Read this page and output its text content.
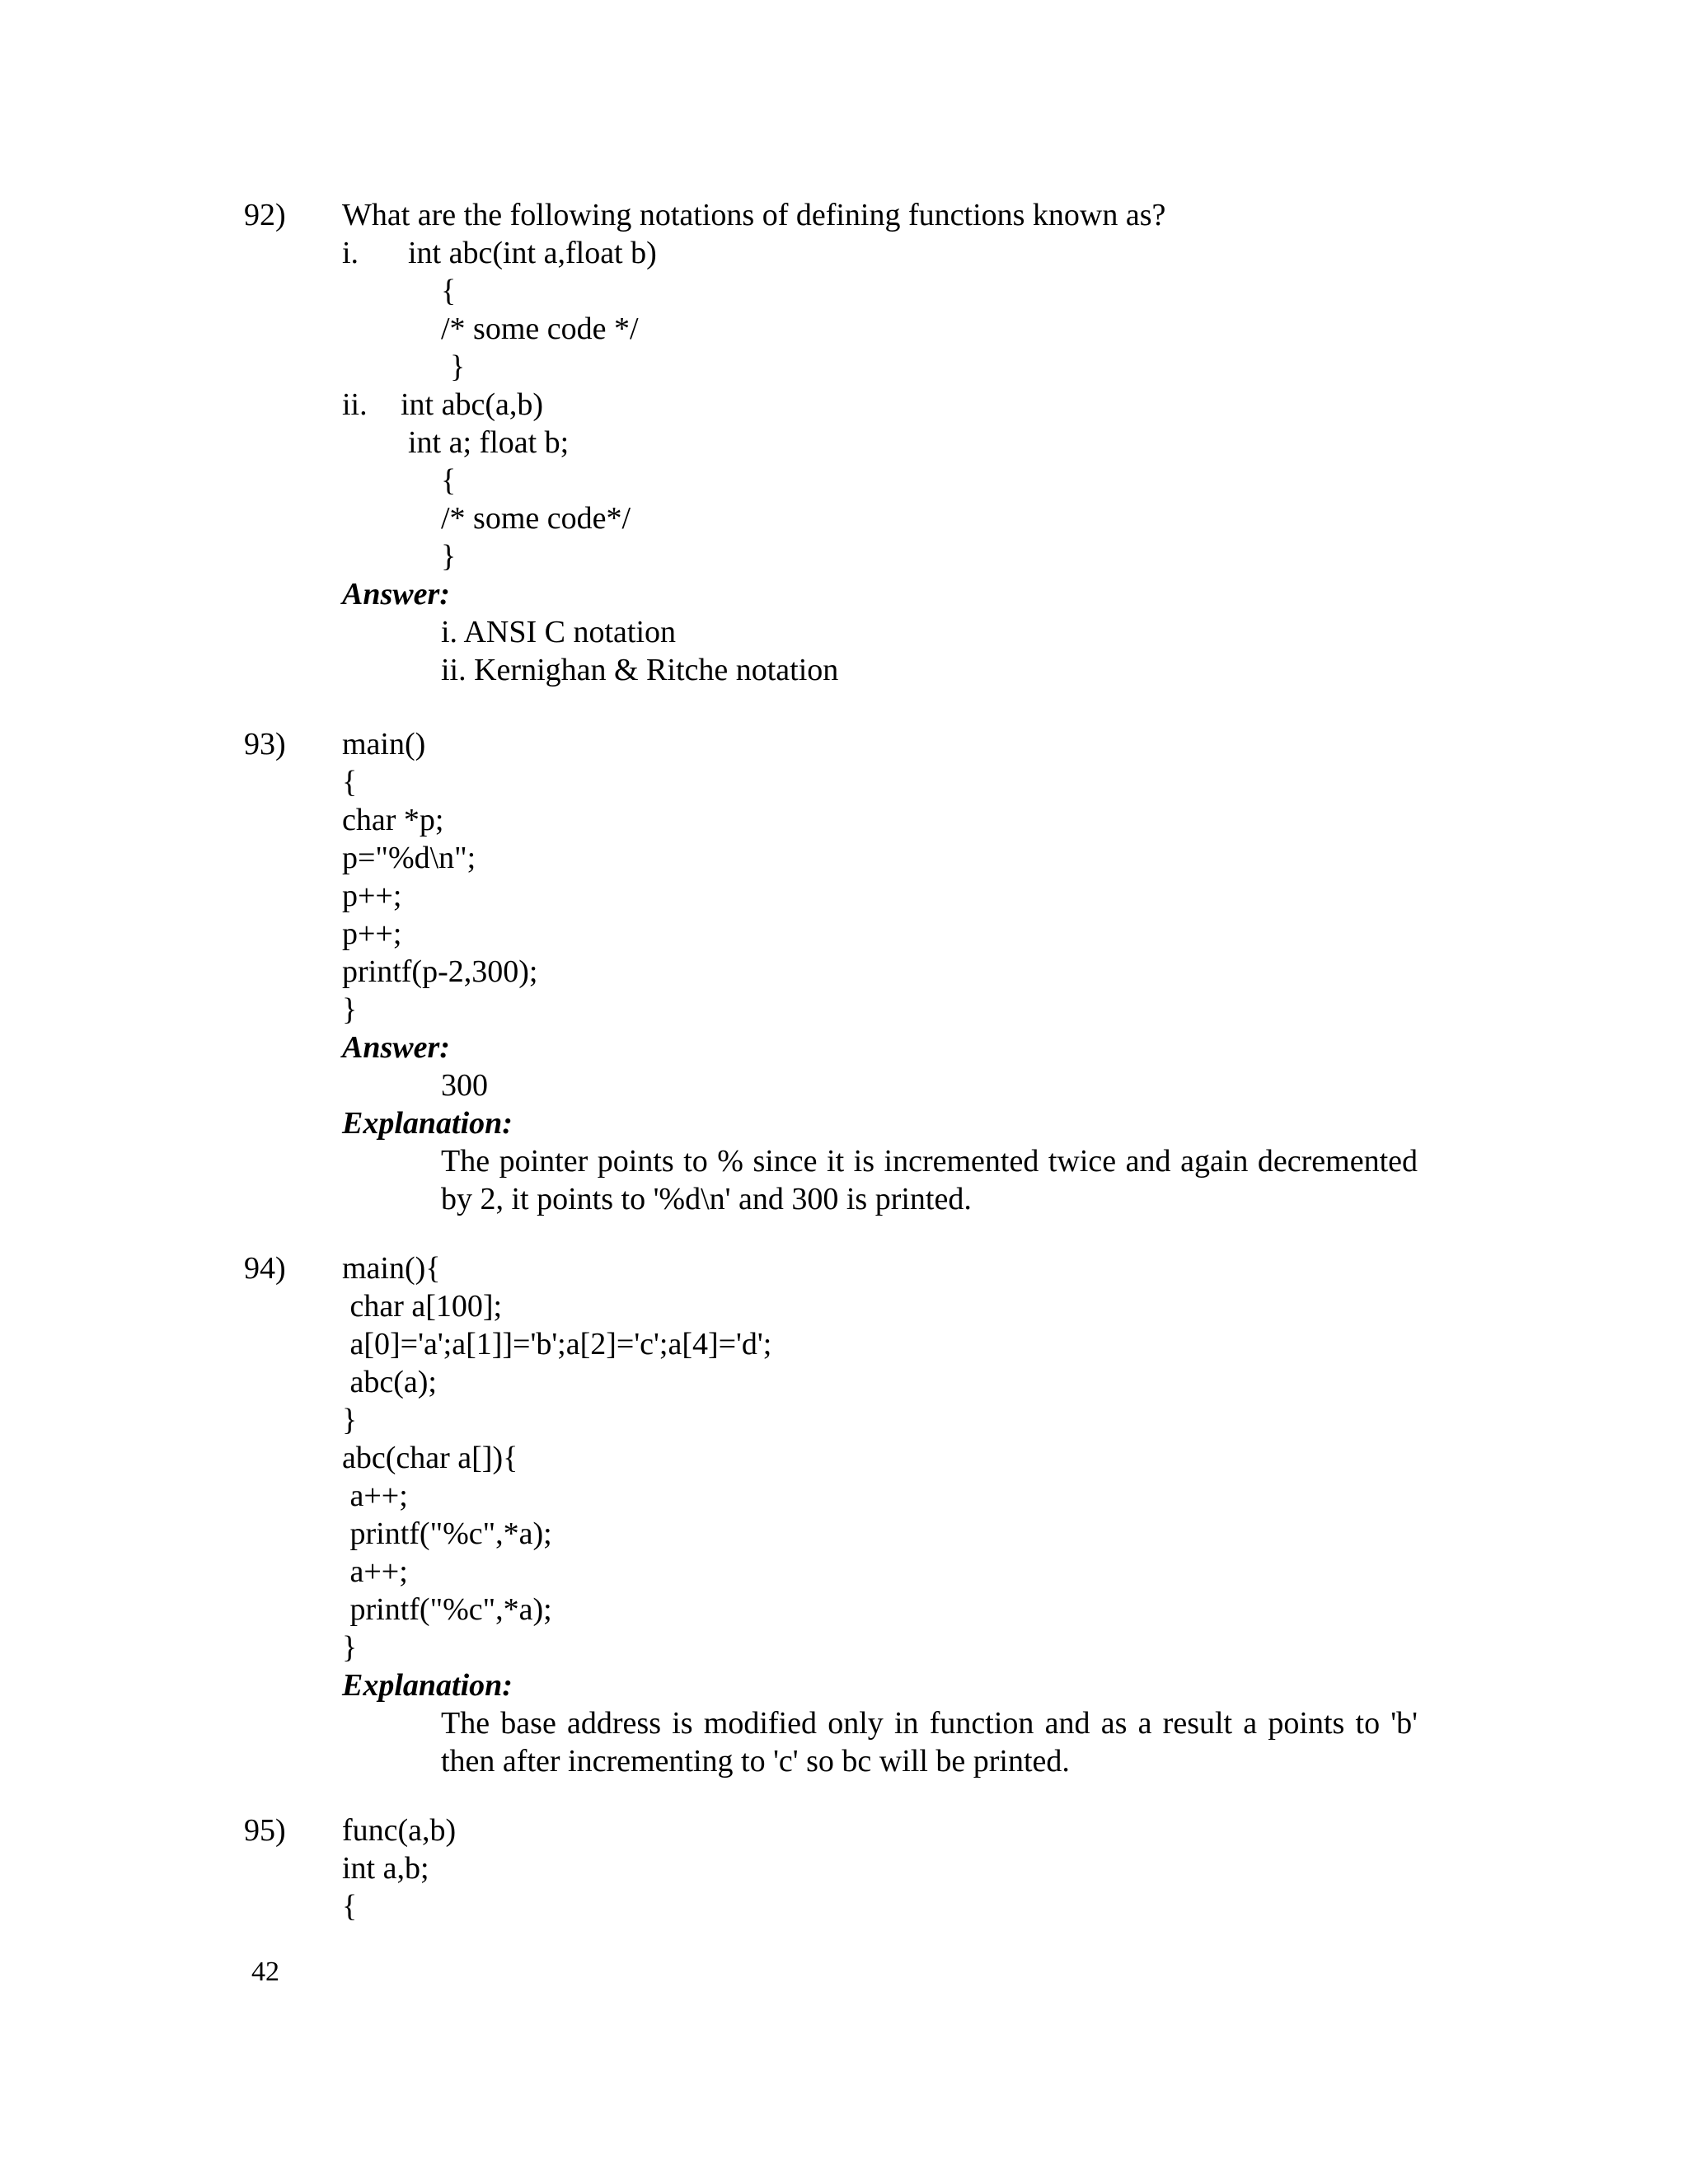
92) What are the following notations of defining functions known as?
i. int abc(int a,float b)
{
/* some code */
}
ii. int abc(a,b)
int a; float b;
{
/* some code*/
}
Answer:
i. ANSI C notation
ii. Kernighan & Ritche notation
93) main()
{
char *p;
p="%d\n";
p++;
p++;
printf(p-2,300);
}
Answer:
300
Explanation:

The pointer points to % since it is incremented twice and again decremented by 2, it points to '%d\n' and 300 is printed.

94) main(){
char a[100];
a[0]='a';a[1]]='b';a[2]='c';a[4]='d';
abc(a);
}
abc(char a[]){
a++;
printf("%c",*a);
a++;
printf("%c",*a);
}
Explanation:

The base address is modified only in function and as a result a points to 'b' then after incrementing to 'c' so bc will be printed.

95) func(a,b)
int a,b;
{
42
